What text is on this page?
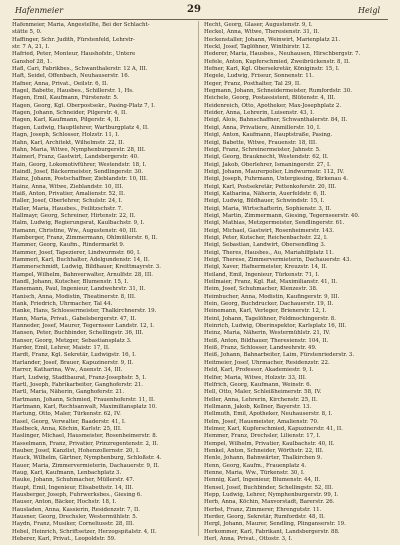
Hafenmeier	29	Heigl
Hafenmeier, Maria, Angestellte, Bei der Schlacht-
stätte 5, 0.
Haffinger, Schr. Judith, Fürstenfeld, Lehrstr-
str. 7 A, 21, I.
Hafried, Peter, Monteur, Haushofstr., Untere
Ganshof 28, 1.
Hafl, Cari, Fabrikbes., Schwanthalerstr. 12 A, III.
Haft, Seidel, Offenbach, Neuhauserstr. 16.
Hafner, Anna, Privat., Oeilstr. 6, II.
Hagel, Babette, Hausbes., Schillerstr. 1, Hs.
Hagen, Emil, Kaufmann, Fürstenstr. 5.
Hagen, Georg, Kgl. Oberpostsekr., Pasing-Platz 7, I.
Hagen, Johann, Schneider, Pilgerstr. 4, II.
Hagen, Karl, Kaufmann, Pilgerstr. 4, II.
Hagen, Ludwig, Hauptlehrer, Wartburgplatz 4, II.
Hagn, Joseph, Schlosser, Holzstr. 11, I.
Hahn, Karl, Architekt, Wilhelmstr. 22, II.
Hahn, Maria, Witwe, Nymphenburgerstr. 28, III.
Haimerl, Franz, Gastwirt, Landsbergerstr. 40.
Hain, Georg, Lokomotivführer, Westendstr. 18, I.
Haindl, Josef, Bäckermeister, Sendlingerstr. 30.
Hainz, Johann, Postschaffner, Zieblandstr. 10, III.
Hainz, Anna, Witwe, Zieblandstr. 10, III.
Haiß, Anton, Privatier, Amalienstr. 52, II.
Haller, Josef, Oberlehrer, Schulstr. 24, I.
Haller, Maria, Hausbes., Feilitzschstr. 7.
Hallmayr, Georg, Schreiner, Hirtenstr. 22, II.
Halm, Ludwig, Regierungsrat, Kaulbachstr. 9, I.
Hamann, Christine, Ww., Augustenstr. 40, III.
Hamberger, Franz, Zimmermann, Ohlmüllerstr. 6, II.
Hammer, Georg, Kaufm., Rindermarkt 9.
Hammer, Josef, Tapezierer, Lindwurmstr. 60, I.
Hammerl, Karl, Buchhalter, Adelgundenstr. 14, II.
Hammerschmidt, Ludwig, Bildhauer, Kreittmayrstr. 3.
Hampel, Wilhelm, Bahnverwalter, Arnulfstr. 28, III.
Handl, Johann, Kutscher, Blumenstr. 15, I.
Hanemann, Paul, Ingenieur, Landwehrstr. 31, II.
Hanisch, Anna, Modistin, Theatinerstr. 8, III.
Hank, Friedrich, Uhrmacher, Tal 44.
Hanke, Hans, Schlossermeister, Thalkirchnerstr. 19.
Hann, Maria, Privat., Gabelsbergerstr. 47, II.
Hanneder, Josef, Maurer, Tegernseer Landstr. 12, I.
Hansen, Peter, Buchbinder, Schellingstr. 36, III.
Hanser, Georg, Metzger, Sebastiansplatz 3.
Harder, Emil, Lehrer, Maistr. 17, II.
Hardt, Franz, Kgl. Sekretär, Ludwigstr. 16, I.
Harlander, Josef, Brauer, Kapuzinerstr. 9, II.
Harrer, Katharina, Ww., Auenstr. 34, III.
Hart, Ludwig, Stadtbaurat, Franz-Josephstr. 5, I.
Hartl, Joseph, Fabrikarbeiter, Ganghoferstr. 21.
Hartl, Maria, Näherin, Ganghoferstr. 21.
Hartmann, Johann, Schmied, Frauenhoferstr. 11, II.
Hartmann, Karl, Rechtsanwalt, Maximiliansplatz 10.
Hartung, Otto, Maler, Türkenstr. 62, IV.
Hasel, Georg, Verwalter, Baaderstr. 41, I.
Haslbeck, Anna, Köchin, Karlstr. 25, III.
Haslinger, Michael, Hausmeister, Rosenheimerstr. 8.
Hasselmann, Franz, Privatier, Prinzregentenstr. 2, II.
Hauber, Josef, Kanzlist, Hohenzollernstr. 20, I.
Hauck, Wilhelm, Gärtner, Nymphenburg, Schloßstr. 4.
Hauer, Maria, Zimmervermieterin, Dachauerstr. 9, II.
Haug, Karl, Kaufmann, Lenbachplatz 3.
Hauke, Johann, Schuhmacher, Müllerstr. 47.
Haupt, Emil, Ingenieur, Elisabethstr. 14, III.
Hausberger, Joseph, Fuhrwerksbes., Giesing 6.
Hauser, Anton, Bäcker, Hochstr. 18, I.
Hausladen, Anna, Kassierin, Residenzstr. 7, II.
Hausner, Georg, Drechsler, Westermühlstr. 5.
Haydn, Franz, Musiker, Corneliusstr. 28, III.
Hebel, Heinrich, Schriftsetzer, Herzogspitalstr. 4, II.
Heberer, Karl, Privat., Leopoldstr. 59.
Hecht, Georg, Glaser, Augustenstr. 9, I.
Heckel, Anna, Witwe, Theresienstr. 31, II.
Heckenstaller, Johann, Weinwirt, Marienplatz 21.
Heckl, Josef, Taglöhner, Winthirstr. 12.
Hederer, Maria, Hausbes., Neuhausen, Hirschbergstr. 7.
Hefele, Anton, Kupferschmied, Zweibrückenstr. 8, II.
Hefner, Karl, Kgl. Obersekretär, Königinstr. 15, I.
Hegele, Ludwig, Friseur, Sonnenstr. 11.
Heger, Franz, Posthalter, Tal 29, II.
Hegmann, Johann, Schneidermeister, Rumfordstr. 30.
Heichele, Georg, Postassistent, Blütenstr. 4, III.
Heidenreich, Otto, Apotheker, Max-Josephplatz 2.
Heider, Anna, Lehrerin, Luisenstr. 43, I.
Heigl, Alois, Bahnschaffner, Schwanthalerstr. 84, II.
Heigl, Anna, Privatiere, Ainmillerstr. 10, I.
Heigl, Anton, Kaufmann, Hauptstraße, Pasing.
Heigl, Babette, Witwe, Frauenstr. 18, III.
Heigl, Franz, Schreinermeister, Jahnstr. 5.
Heigl, Georg, Brauknecht, Westendstr. 62, II.
Heigl, Jakob, Oberlehrer, Ismaningerstr. 27, I.
Heigl, Johann, Maurerpolier, Lindwurmstr. 112, IV.
Heigl, Joseph, Fuhrmann, Untergiesing, Birkenau 4.
Heigl, Karl, Postsekretär, Pettenkoferstr. 20, III.
Heigl, Katharina, Näherin, Auerfeldstr. 6, II.
Heigl, Ludwig, Bildhauer, Schwindstr. 15, I.
Heigl, Maria, Wirtschafterin, Sophienstr. 3, II.
Heigl, Martin, Zimmermann, Giesing, Tegernseerstr. 40.
Heigl, Mathias, Metzgermeister, Sendlingerstr. 61.
Heigl, Michael, Gastwirt, Rosenheimerstr. 143.
Heigl, Peter, Kutscher, Reichenbachstr. 22, I.
Heigl, Sebastian, Landwirt, Obersendling 3.
Heigl, Theres, Hausbes., Au, Mariahilfplatz 11.
Heigl, Therese, Zimmervermieterin, Dachauerstr. 43.
Heigl, Xaver, Hafnermeister, Kreuzstr. 14, II.
Heiland, Emil, Ingenieur, Türkenstr. 71, I.
Heilmaier, Franz, Kgl. Rat, Maximilianstr. 41, II.
Heim, Josef, Schuhmacher, Klenzestr. 38.
Heimbucher, Anna, Modistin, Kaufingerstr. 9, III.
Hein, Georg, Buchdrucker, Dachauerstr. 19, II.
Heinemann, Karl, Verleger, Brienerstr. 12, I.
Heinl, Johann, Tagelöhner, Feldmochingerstr. 8.
Heinrich, Ludwig, Oberinspektor, Karlsplatz 16, III.
Heinz, Maria, Näherin, Westermühlstr. 21, IV.
Heiß, Anton, Bildhauer, Theresienstr. 104, II.
Heiß, Franz, Schlosser, Landwehrstr. 49.
Heiß, Johann, Bahnarbeiter, Laim, Fürstenriederstr. 3.
Heitmeier, Josef, Uhrmacher, Residenzstr. 22.
Held, Karl, Professor, Akademiestr. 9, I.
Helfer, Maria, Witwe, Holzstr. 33, III.
Helfrich, Georg, Kaufmann, Weinstr. 6.
Hell, Otto, Maler, Schleißheimerstr. 58, IV.
Heller, Anna, Lehrerin, Kirchenstr. 25, II.
Hellmann, Jakob, Kellner, Bayerstr. 13.
Hellmuth, Emil, Apotheker, Neuhauserstr. 8, I.
Helm, Josef, Hausmeister, Amalienstr. 70.
Helmer, Karl, Kupferschmied, Kapuzinerstr. 41, II.
Hemmer, Franz, Drechsler, Lilienstr. 17, I.
Hempel, Wilhelm, Privatier, Kaulbachstr. 40, II.
Henkel, Anton, Schneider, Wörthstr. 22, III.
Henle, Johann, Bahnwärter, Thalkirchen 9.
Henn, Georg, Kaufm., Frauenplatz 4.
Henne, Maria, Ww., Türkenstr. 30, I.
Hennig, Karl, Ingenieur, Blumenstr. 44, II.
Hensel, Josef, Buchbinder, Schellingstr. 52, III.
Hepp, Ludwig, Lehrer, Nymphenburgerstr. 99, I.
Herb, Anna, Köchin, Maxvorstadt, Barerstr. 26.
Herbst, Franz, Zimmerer, Ehrengutstr. 11.
Herder, Georg, Sekretär, Rumfordstr. 48, II.
Hergl, Johann, Maurer, Sendling, Plinganserstr. 19.
Herkommer, Karl, Fabrikant, Landsbergerstr. 88.
Herl, Anna, Privat., Ottostr. 3, I.
